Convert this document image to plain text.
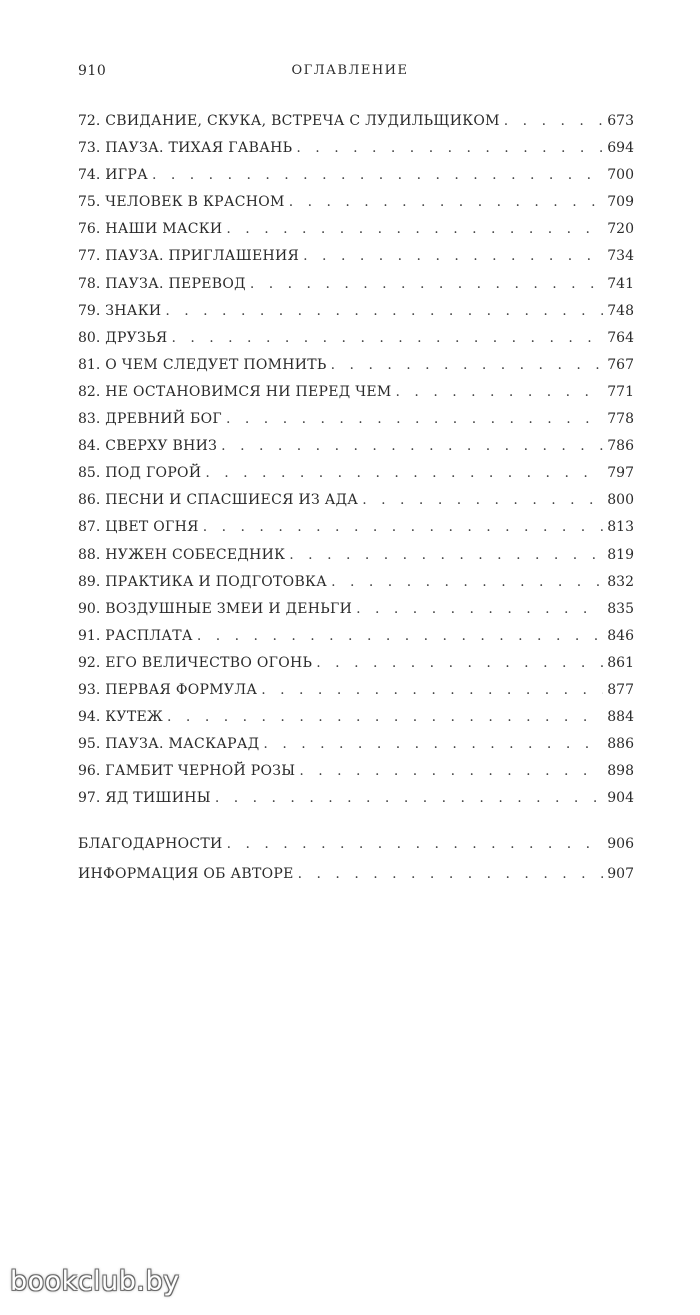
910	ОГЛАВЛЕНИЕ
72. СВИДАНИЕ, СКУКА, ВСТРЕЧА С ЛУДИЛЬЩИКОМ . . .	673
73. ПАУЗА. ТИХАЯ ГАВАНЬ . . .	694
74. ИГРА . . .	700
75. ЧЕЛОВЕК В КРАСНОМ . . .	709
76. НАШИ МАСКИ . . .	720
77. ПАУЗА. ПРИГЛАШЕНИЯ . . .	734
78. ПАУЗА. ПЕРЕВОД . . .	741
79. ЗНАКИ . . .	748
80. ДРУЗЬЯ . . .	764
81. О ЧЕМ СЛЕДУЕТ ПОМНИТЬ . . .	767
82. НЕ ОСТАНОВИМСЯ НИ ПЕРЕД ЧЕМ . . .	771
83. ДРЕВНИЙ БОГ . . .	778
84. СВЕРХУ ВНИЗ . . .	786
85. ПОД ГОРОЙ . . .	797
86. ПЕСНИ И СПАСШИЕСЯ ИЗ АДА . . .	800
87. ЦВЕТ ОГНЯ . . .	813
88. НУЖЕН СОБЕСЕДНИК . . .	819
89. ПРАКТИКА И ПОДГОТОВКА . . .	832
90. ВОЗДУШНЫЕ ЗМЕИ И ДЕНЬГИ . . .	835
91. РАСПЛАТА . . .	846
92. ЕГО ВЕЛИЧЕСТВО ОГОНЬ . . .	861
93. ПЕРВАЯ ФОРМУЛА . . .	877
94. КУТЕЖ . . .	884
95. ПАУЗА. МАСКАРАД . . .	886
96. ГАМБИТ ЧЕРНОЙ РОЗЫ . . .	898
97. ЯД ТИШИНЫ . . .	904
БЛАГОДАРНОСТИ . . .	906
ИНФОРМАЦИЯ ОБ АВТОРЕ . . .	907
bookclub.by
